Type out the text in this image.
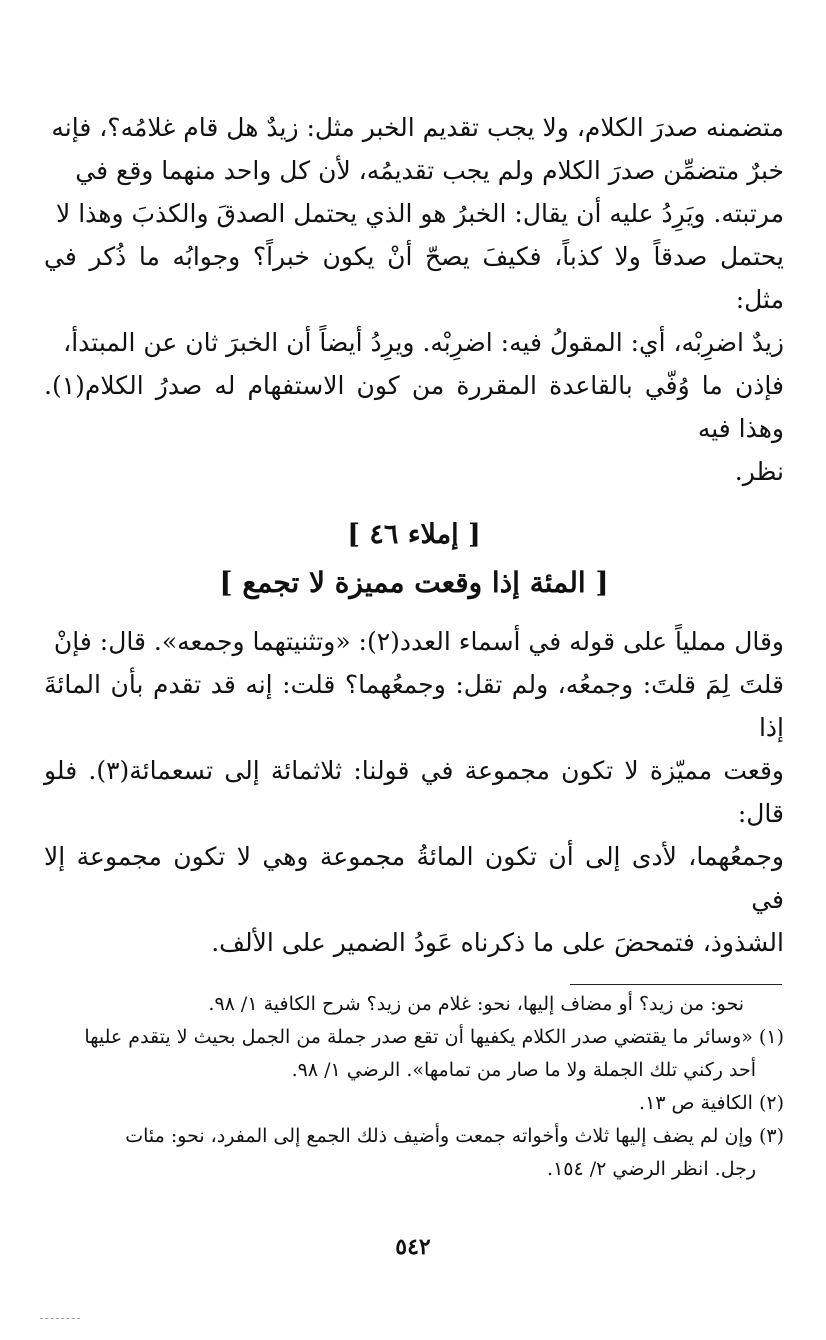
متضمنه صدرَ الكلام، ولا يجب تقديم الخبر مثل: زيدٌ هل قام غلامُه؟، فإنه

خبرٌ متضمِّن صدرَ الكلام ولم يجب تقديمُه، لأن كل واحد منهما وقع في

مرتبته. ويَرِدُ عليه أن يقال: الخبرُ هو الذي يحتمل الصدقَ والكذبَ وهذا لا

يحتمل صدقاً ولا كذباً، فكيفَ يصحّ أنْ يكون خبراً؟ وجوابُه ما ذُكر في مثل:

زيدٌ اضرِبْه، أي: المقولُ فيه: اضرِبْه. ويرِدُ أيضاً أن الخبرَ ثان عن المبتدأ،

فإذن ما وُفّي بالقاعدة المقررة من كون الاستفهام له صدرُ الكلام(١). وهذا فيه

نظر.

[ إملاء ٤٦ ]
[ المئة إذا وقعت مميزة لا تجمع ]

وقال مملياً على قوله في أسماء العدد(٢): «وتثنيتهما وجمعه». قال: فإنْ

قلتَ لِمَ قلتَ: وجمعُه، ولم تقل: وجمعُهما؟ قلت: إنه قد تقدم بأن المائةَ إذا

وقعت مميّزة لا تكون مجموعة في قولنا: ثلاثمائة إلى تسعمائة(٣). فلو قال:

وجمعُهما، لأدى إلى أن تكون المائةُ مجموعة وهي لا تكون مجموعة إلا في

الشذوذ، فتمحضَ على ما ذكرناه عَودُ الضمير على الألف.

نحو: من زيد؟ أو مضاف إليها، نحو: غلام من زيد؟ شرح الكافية ١/ ٩٨.

(١) «وسائر ما يقتضي صدر الكلام يكفيها أن تقع صدر جملة من الجمل بحيث لا يتقدم عليها

أحد ركني تلك الجملة ولا ما صار من تمامها». الرضي ١/ ٩٨.

(٢) الكافية ص ١٣.

(٣) وإن لم يضف إليها ثلاث وأخواته جمعت وأضيف ذلك الجمع إلى المفرد، نحو: مئات

رجل. انظر الرضي ٢/ ١٥٤.

٥٤٢
